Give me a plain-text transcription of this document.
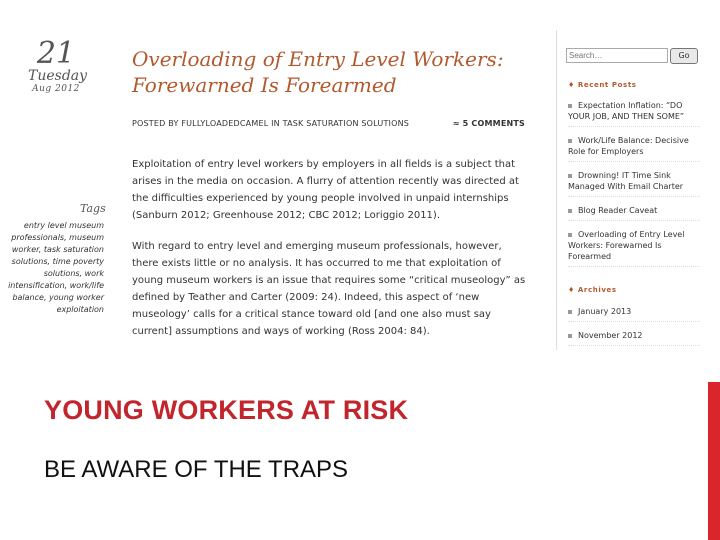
21
Tuesday
Aug 2012
Overloading of Entry Level Workers: Forewarned Is Forearmed
POSTED BY FULLYLOADEDCAMEL IN TASK SATURATION SOLUTIONS	≈ 5 COMMENTS
Tags
entry level museum professionals, museum worker, task saturation solutions, time poverty solutions, work intensification, work/life balance, young worker exploitation

Exploitation of entry level workers by employers in all fields is a subject that arises in the media on occasion. A flurry of attention recently was directed at the difficulties experienced by young people involved in unpaid internships (Sanburn 2012; Greenhouse 2012; CBC 2012; Loriggio 2011).

With regard to entry level and emerging museum professionals, however, there exists little or no analysis. It has occurred to me that exploitation of young museum workers is an issue that requires some “critical museology” as defined by Teather and Carter (2009: 24). Indeed, this aspect of ‘new museology’ calls for a critical stance toward old [and one also must say current] assumptions and ways of working (Ross 2004: 84).

Search…
Go
♦ Recent Posts
Expectation Inflation: “DO YOUR JOB, AND THEN SOME”
Work/Life Balance: Decisive Role for Employers
Drowning! IT Time Sink Managed With Email Charter
Blog Reader Caveat
Overloading of Entry Level Workers: Forewarned Is Forearmed
♦ Archives
January 2013
November 2012
YOUNG WORKERS AT RISK
BE AWARE OF THE TRAPS
